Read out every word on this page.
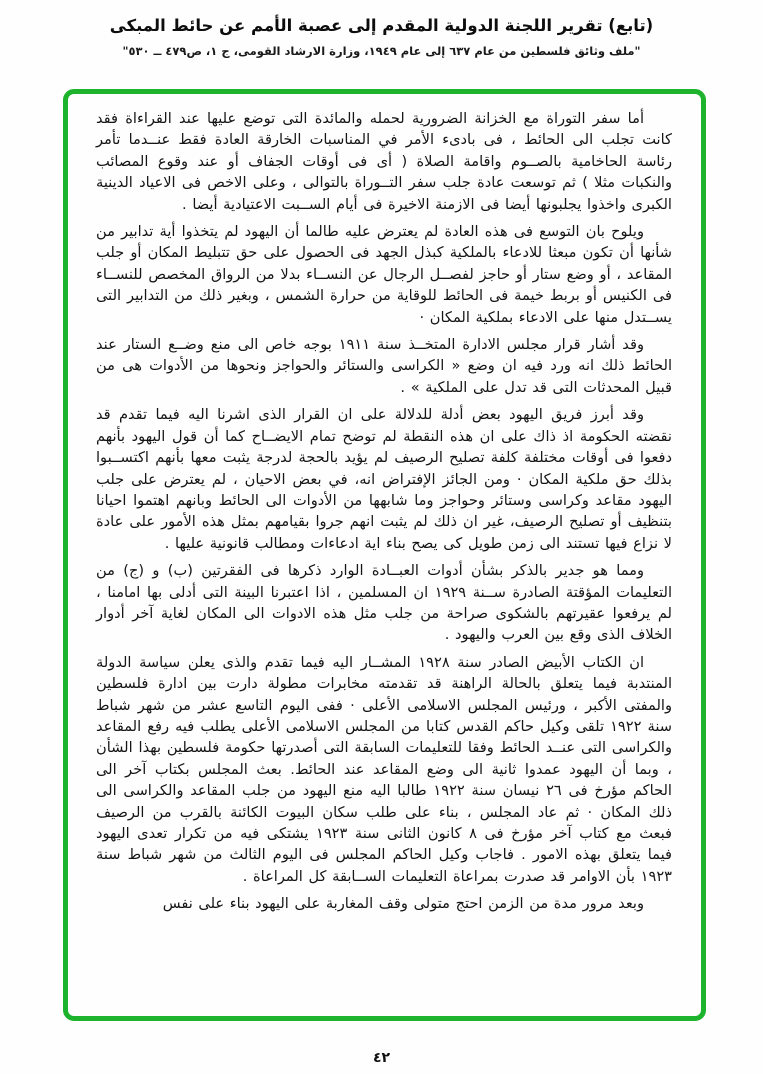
(تابع) تقرير اللجنة الدولية المقدم إلى عصبة الأمم عن حائط المبكى
"ملف وثائق فلسطين من عام ٦٣٧ إلى عام ١٩٤٩، وزارة الارشاد القومى، ج ١، ص٤٧٩ ــ ٥٣٠"

أما سفر التوراة مع الخزانة الضرورية لحمله والمائدة التى توضع عليها عند القراءاة فقد كانت تجلب الى الحائط ، فى بادىء الأمر في المناسبات الخارقة العادة فقط عنــدما تأمر رئاسة الحاخامية بالصــوم واقامة الصلاة ( أى فى أوقات الجفاف أو عند وقوع المصائب والنكبات مثلا ) ثم توسعت عادة جلب سفر التــوراة بالتوالى ، وعلى الاخص فى الاعياد الدينية الكبرى واخذوا يجلبونها أيضا فى الازمنة الاخيرة فى أيام الســبت الاعتيادية أيضا .

ويلوح بان التوسع فى هذه العادة لم يعترض عليه طالما أن اليهود لم يتخذوا أية تدابير من شأنها أن تكون مبعثا للادعاء بالملكية كبذل الجهد فى الحصول على حق تتبليط المكان أو جلب المقاعد ، أو وضع ستار أو حاجز لفصــل الرجال عن النســاء بدلا من الرواق المخصص للنســاء فى الكنيس أو بربط خيمة فى الحائط للوقاية من حرارة الشمس ، وبغير ذلك من التدابير التى يســتدل منها على الادعاء بملكية المكان ·

وقد أشار قرار مجلس الادارة المتخــذ سنة ١٩١١ بوجه خاص الى منع وضــع الستار عند الحائط ذلك انه ورد فيه ان وضع « الكراسى والستائر والحواجز ونحوها من الأدوات هى من قبيل المحدثات التى قد تدل على الملكية » .

وقد أبرز فريق اليهود بعض أدلة للدلالة على ان القرار الذى اشرنا اليه فيما تقدم قد نقضته الحكومة اذ ذاك على ان هذه النقطة لم توضح تمام الايضــاح كما أن قول اليهود بأنهم دفعوا فى أوقات مختلفة كلفة تصليح الرصيف لم يؤيد بالحجة لدرجة يثبت معها بأنهم اكتســبوا بذلك حق ملكية المكان · ومن الجائز الإفتراض انه، في بعض الاحيان ، لم يعترض على جلب اليهود مقاعد وكراسى وستائر وحواجز وما شابهها من الأدوات الى الحائط وبانهم اهتموا احيانا بتنظيف أو تصليح الرصيف، غير ان ذلك لم يثبت انهم جروا بقيامهم بمثل هذه الأمور على عادة لا نزاع فيها تستند الى زمن طويل كى يصح بناء اية ادعاءات ومطالب قانونية عليها .

ومما هو جدير بالذكر بشأن أدوات العبــادة الوارد ذكرها فى الفقرتين (ب) و (ج) من التعليمات المؤقتة الصادرة ســنة ١٩٢٩ ان المسلمين ، اذا اعتبرنا البينة التى أدلى بها امامنا ، لم يرفعوا عقيرتهم بالشكوى صراحة من جلب مثل هذه الادوات الى المكان لغاية آخر أدوار الخلاف الذى وقع بين العرب واليهود .

ان الكتاب الأبيض الصادر سنة ١٩٢٨ المشــار اليه فيما تقدم والذى يعلن سياسة الدولة المنتدبة فيما يتعلق بالحالة الراهنة قد تقدمته مخابرات مطولة دارت بين ادارة فلسطين والمفتى الأكبر ، ورئيس المجلس الاسلامى الأعلى · ففى اليوم التاسع عشر من شهر شباط سنة ١٩٢٢ تلقى وكيل حاكم القدس كتابا من المجلس الاسلامى الأعلى يطلب فيه رفع المقاعد والكراسى التى عنــد الحائط وفقا للتعليمات السابقة التى أصدرتها حكومة فلسطين بهذا الشأن ، وبما أن اليهود عمدوا ثانية الى وضع المقاعد عند الحائط. بعث المجلس بكتاب آخر الى الحاكم مؤرخ فى ٢٦ نيسان سنة ١٩٢٢ طالبا اليه منع اليهود من جلب المقاعد والكراسى الى ذلك المكان · ثم عاد المجلس ، بناء على طلب سكان البيوت الكائنة بالقرب من الرصيف فبعث مع كتاب آخر مؤرخ فى ٨ كانون الثانى سنة ١٩٢٣ يشتكى فيه من تكرار تعدى اليهود فيما يتعلق بهذه الامور . فاجاب وكيل الحاكم المجلس فى اليوم الثالث من شهر شباط سنة ١٩٢٣ بأن الاوامر قد صدرت بمراعاة التعليمات الســابقة كل المراعاة .

وبعد مرور مدة من الزمن احتج متولى وقف المغاربة على اليهود بناء على نفس

٤٢
